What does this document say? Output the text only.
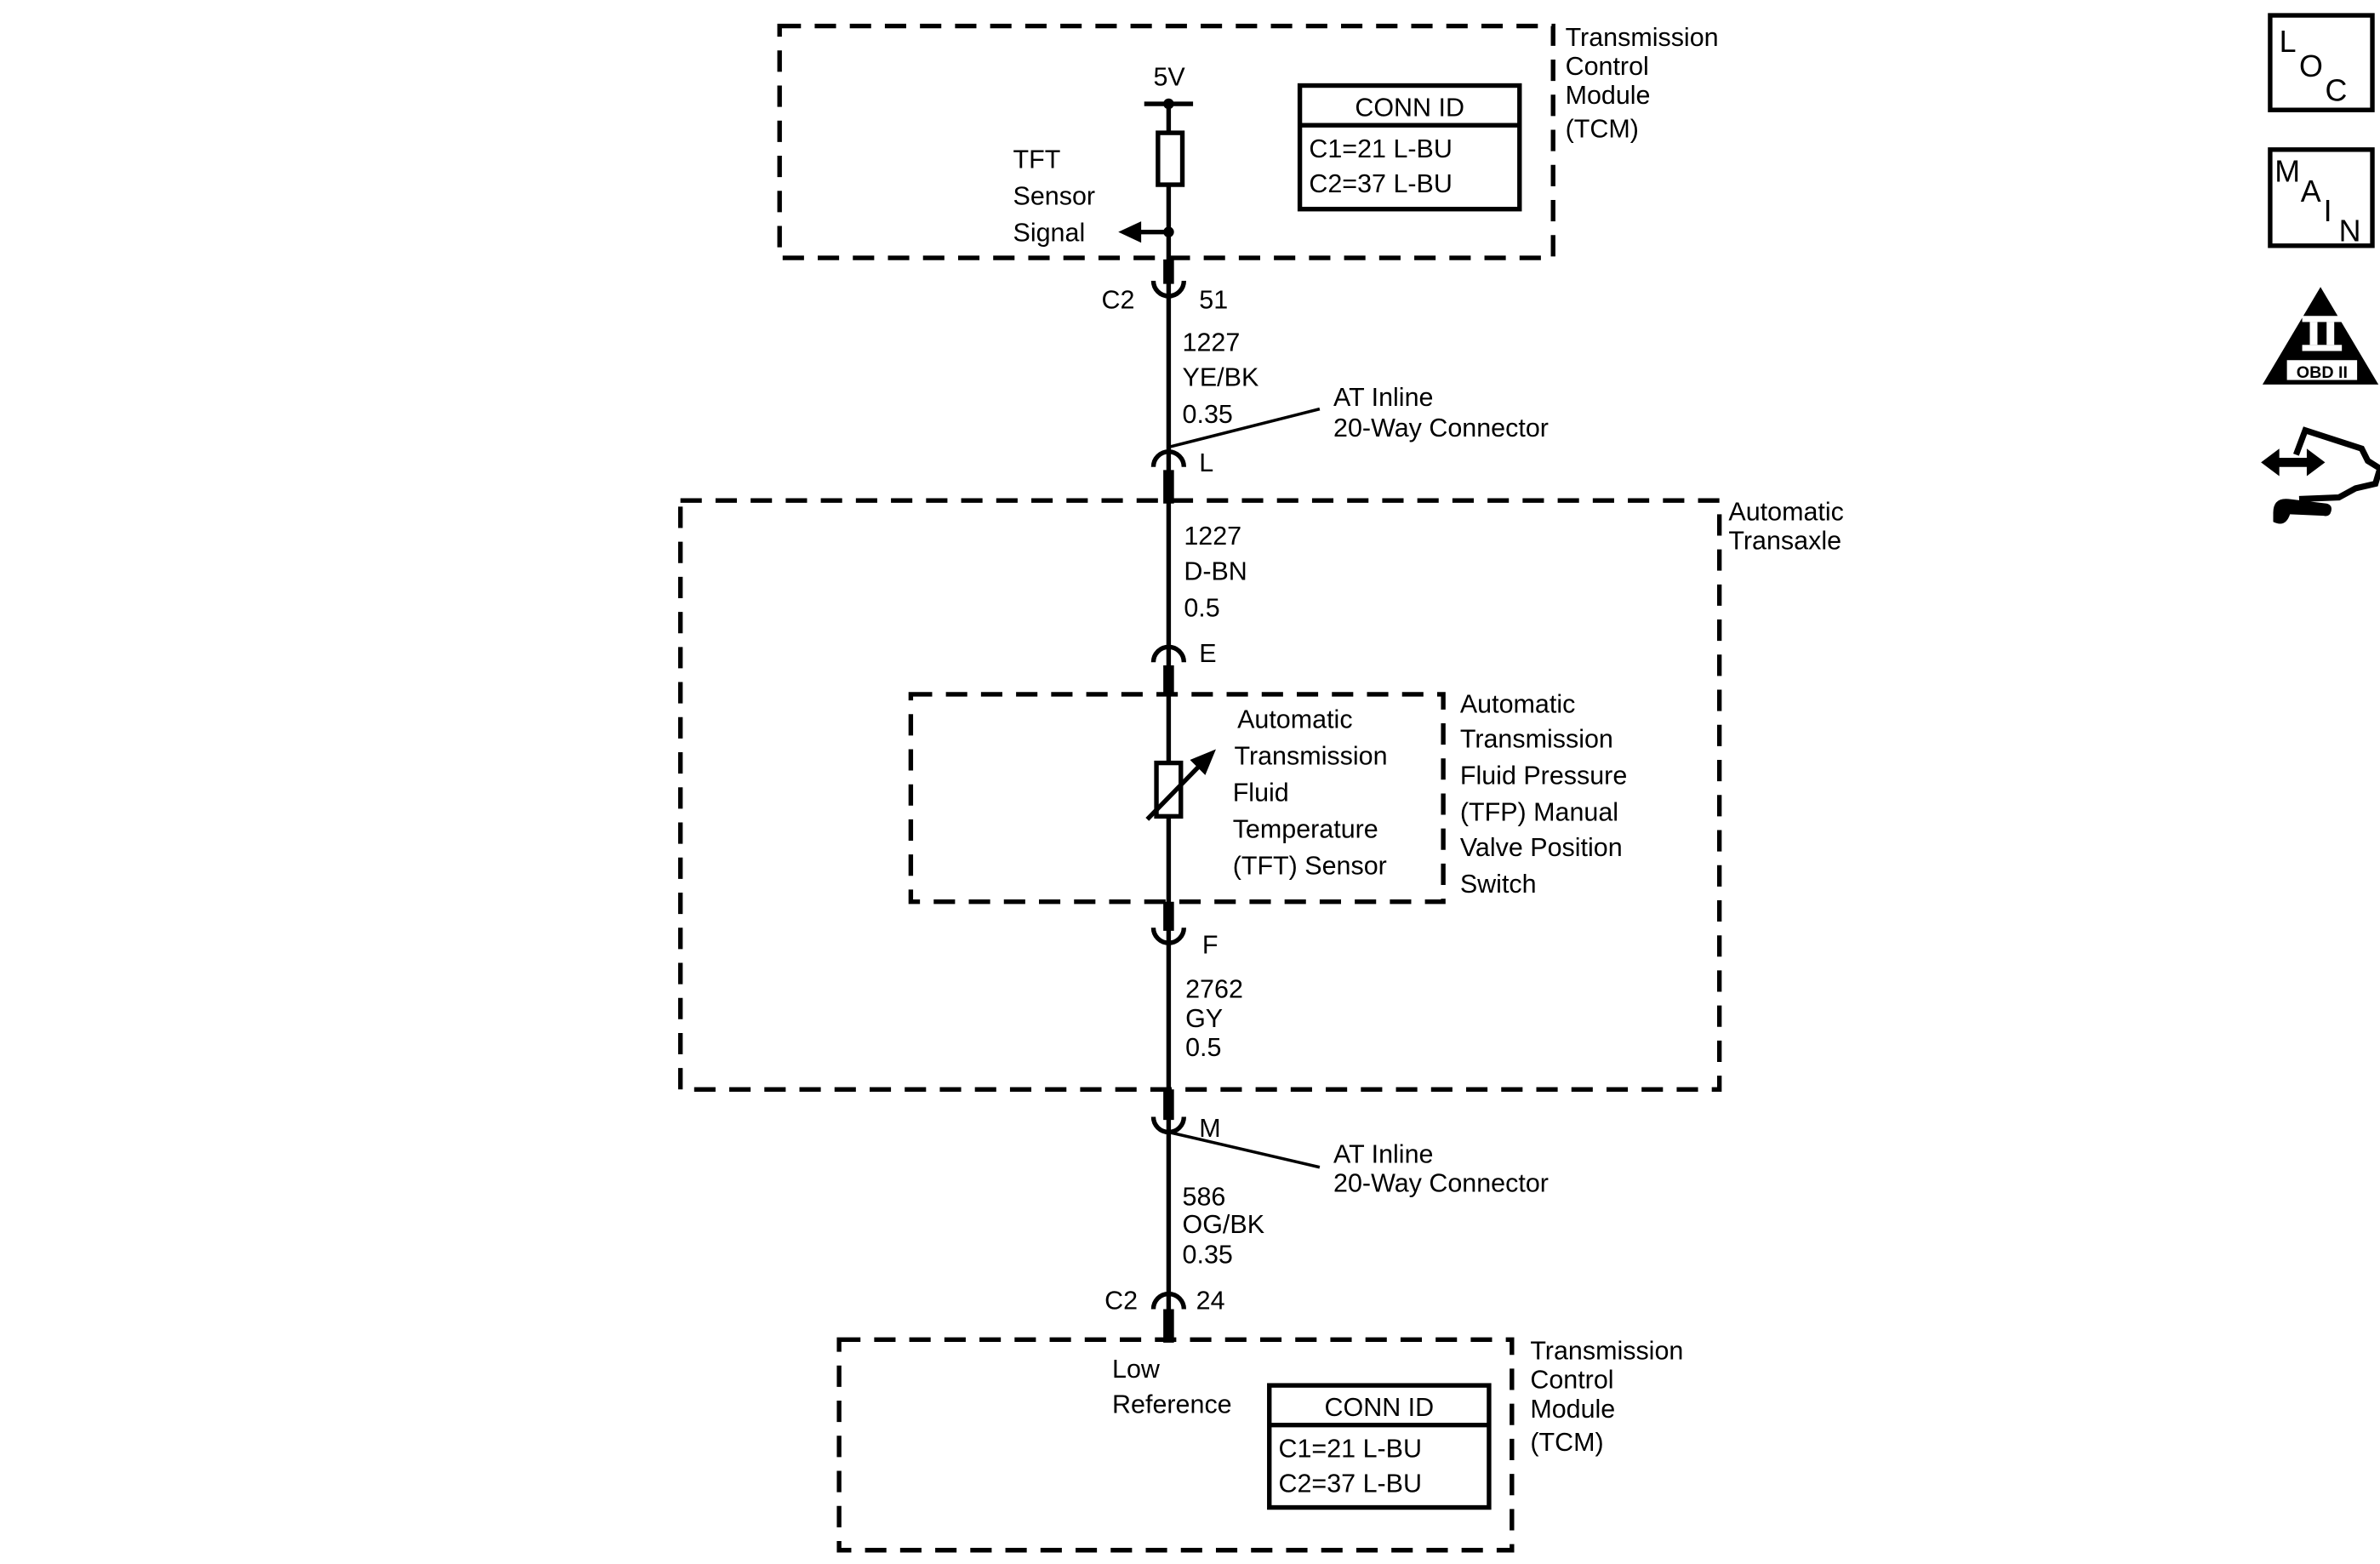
Transmission
Control
Module
(TCM)
5V
TFT
Sensor
Signal
CONN ID
C1=21 L-BU
C2=37 L-BU
C2	51
1227
YE/BK
0.35
AT Inline
20-Way Connector
L
Automatic
Transaxle
1227
D-BN
0.5
E
Automatic
Transmission
Fluid
Temperature
(TFT) Sensor
Automatic
Transmission
Fluid Pressure
(TFP) Manual
Valve Position
Switch
F
2762
GY
0.5
M
AT Inline
20-Way Connector
586
OG/BK
0.35
C2	24
Transmission
Control
Module
(TCM)
Low
Reference	CONN ID
C1=21 L-BU
C2=37 L-BU
L
O
C
M
A
I
N
OBD II
